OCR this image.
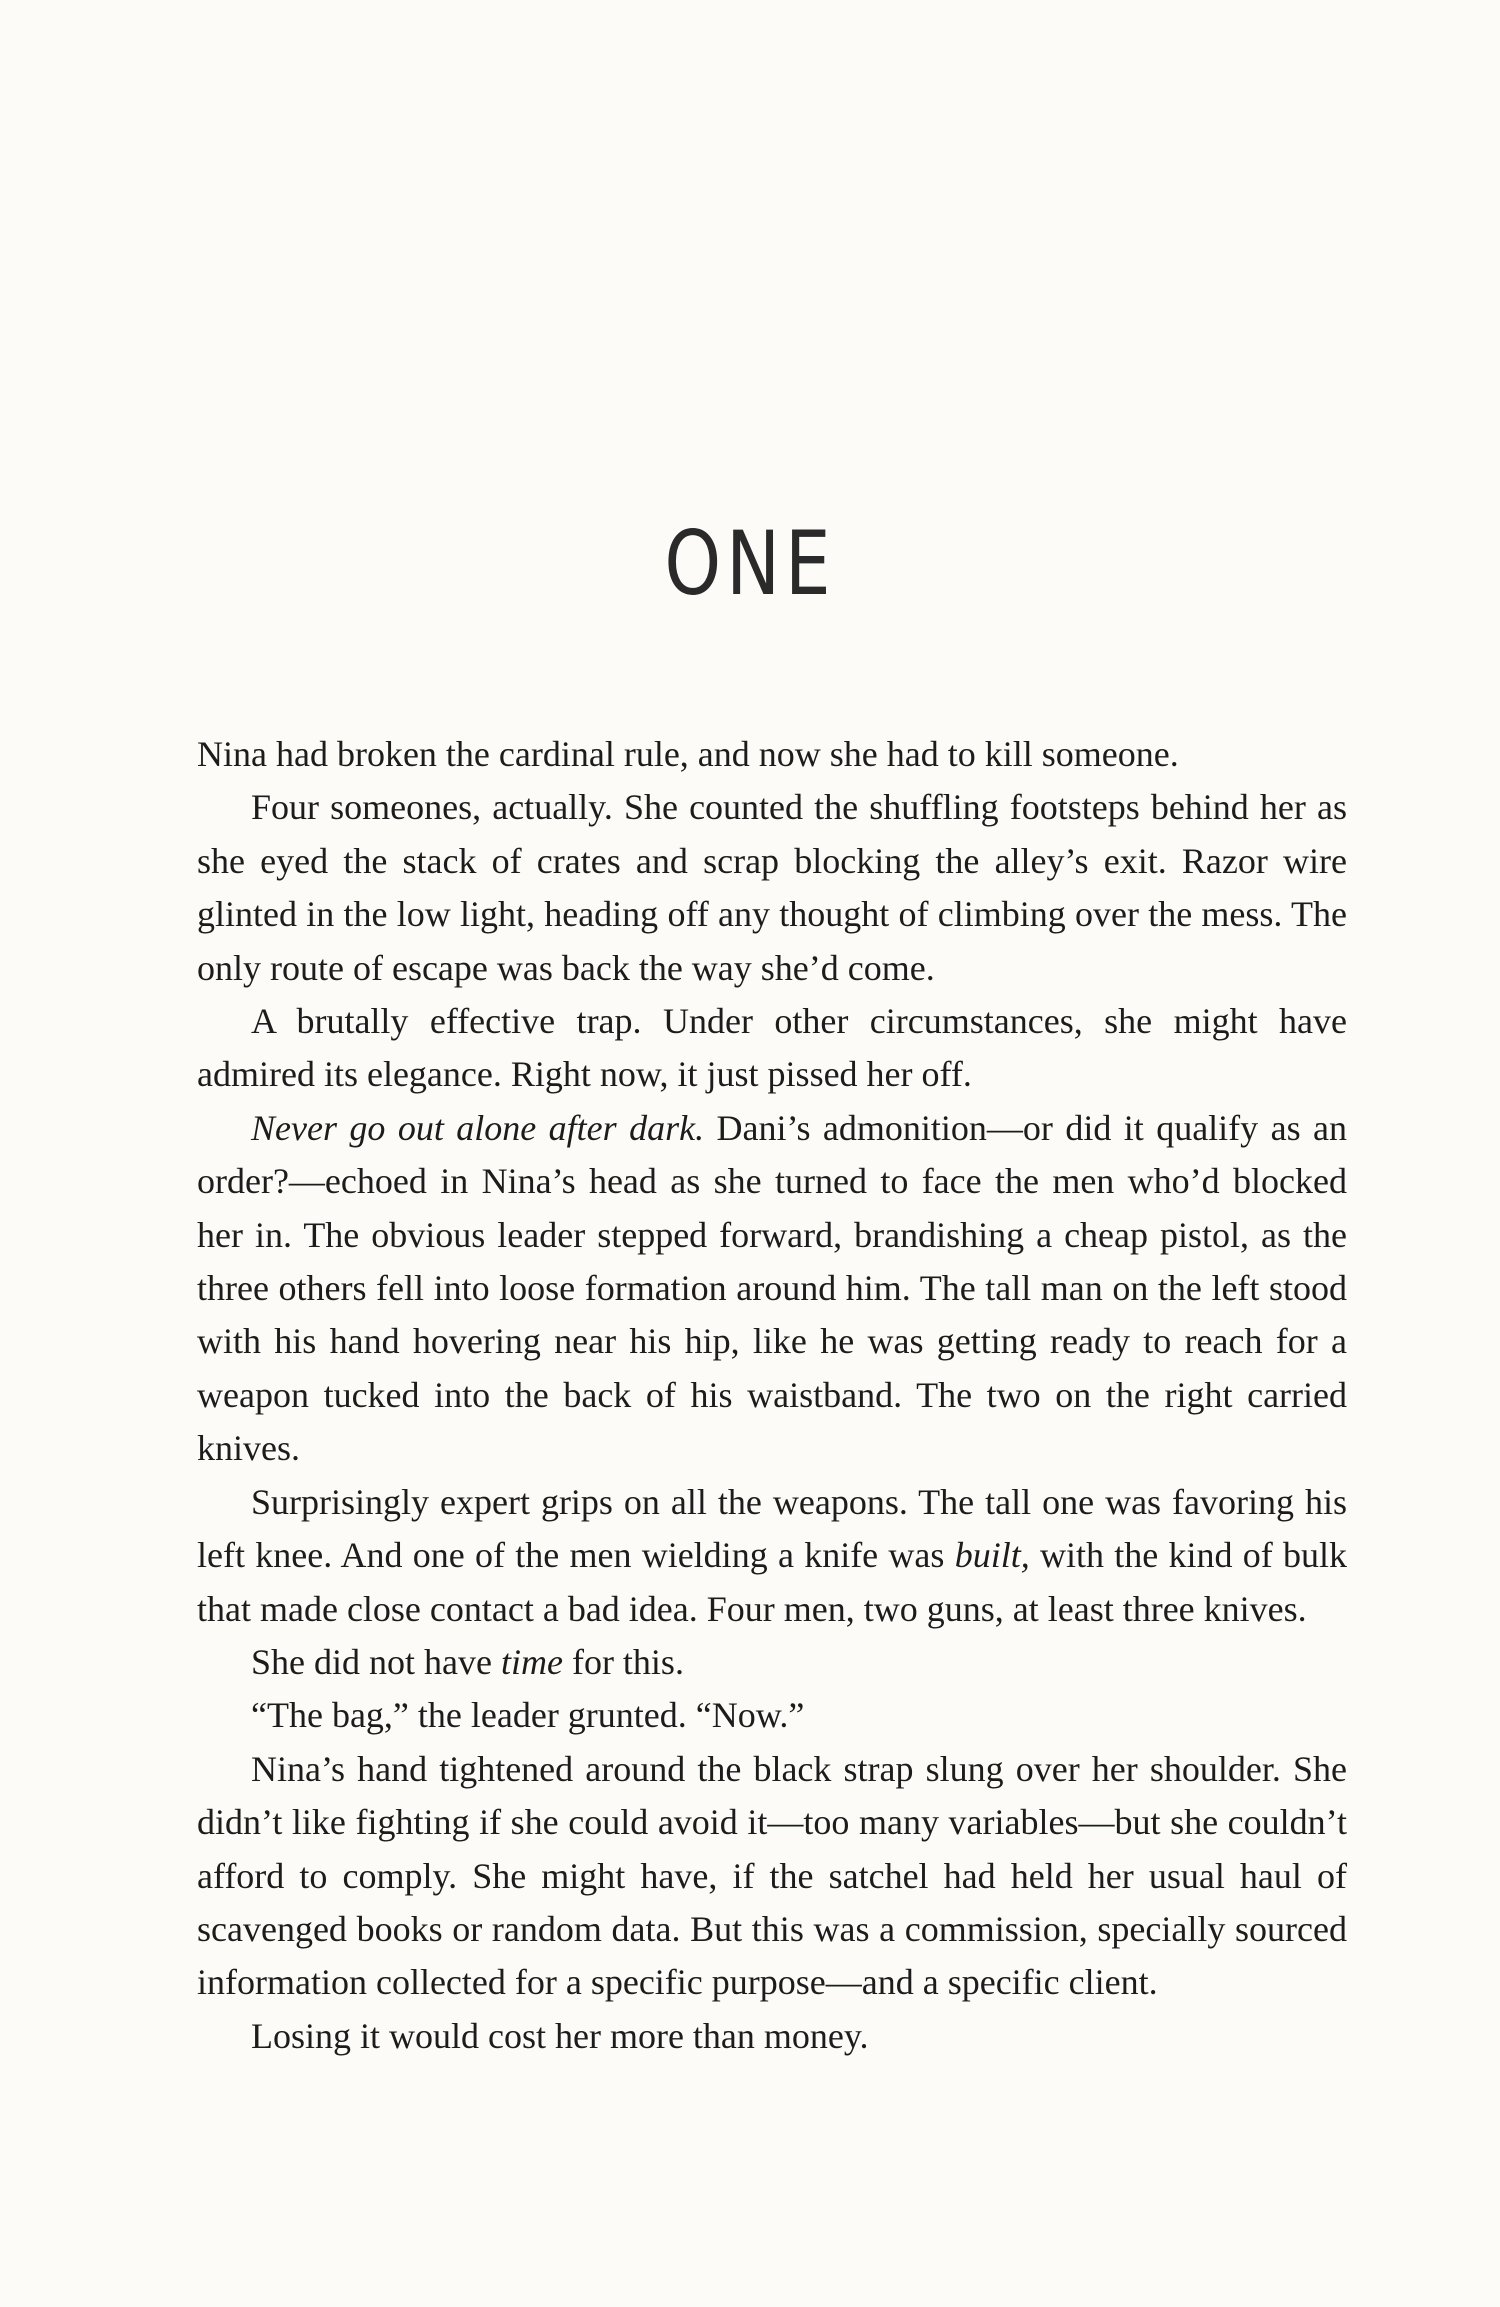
ONE

Nina had broken the cardinal rule, and now she had to kill someone.

Four someones, actually. She counted the shuffling footsteps behind her as she eyed the stack of crates and scrap blocking the alley’s exit. Razor wire glinted in the low light, heading off any thought of climbing over the mess. The only route of escape was back the way she’d come.

A brutally effective trap. Under other circumstances, she might have admired its elegance. Right now, it just pissed her off.

Never go out alone after dark. Dani’s admonition—or did it qualify as an order?—echoed in Nina’s head as she turned to face the men who’d blocked her in. The obvious leader stepped forward, brandishing a cheap pistol, as the three others fell into loose formation around him. The tall man on the left stood with his hand hovering near his hip, like he was getting ready to reach for a weapon tucked into the back of his waistband. The two on the right carried knives.

Surprisingly expert grips on all the weapons. The tall one was favoring his left knee. And one of the men wielding a knife was built, with the kind of bulk that made close contact a bad idea. Four men, two guns, at least three knives.

She did not have time for this.

“The bag,” the leader grunted. “Now.”

Nina’s hand tightened around the black strap slung over her shoulder. She didn’t like fighting if she could avoid it—too many variables—but she couldn’t afford to comply. She might have, if the satchel had held her usual haul of scavenged books or random data. But this was a commission, specially sourced information collected for a specific purpose—and a specific client.

Losing it would cost her more than money.
